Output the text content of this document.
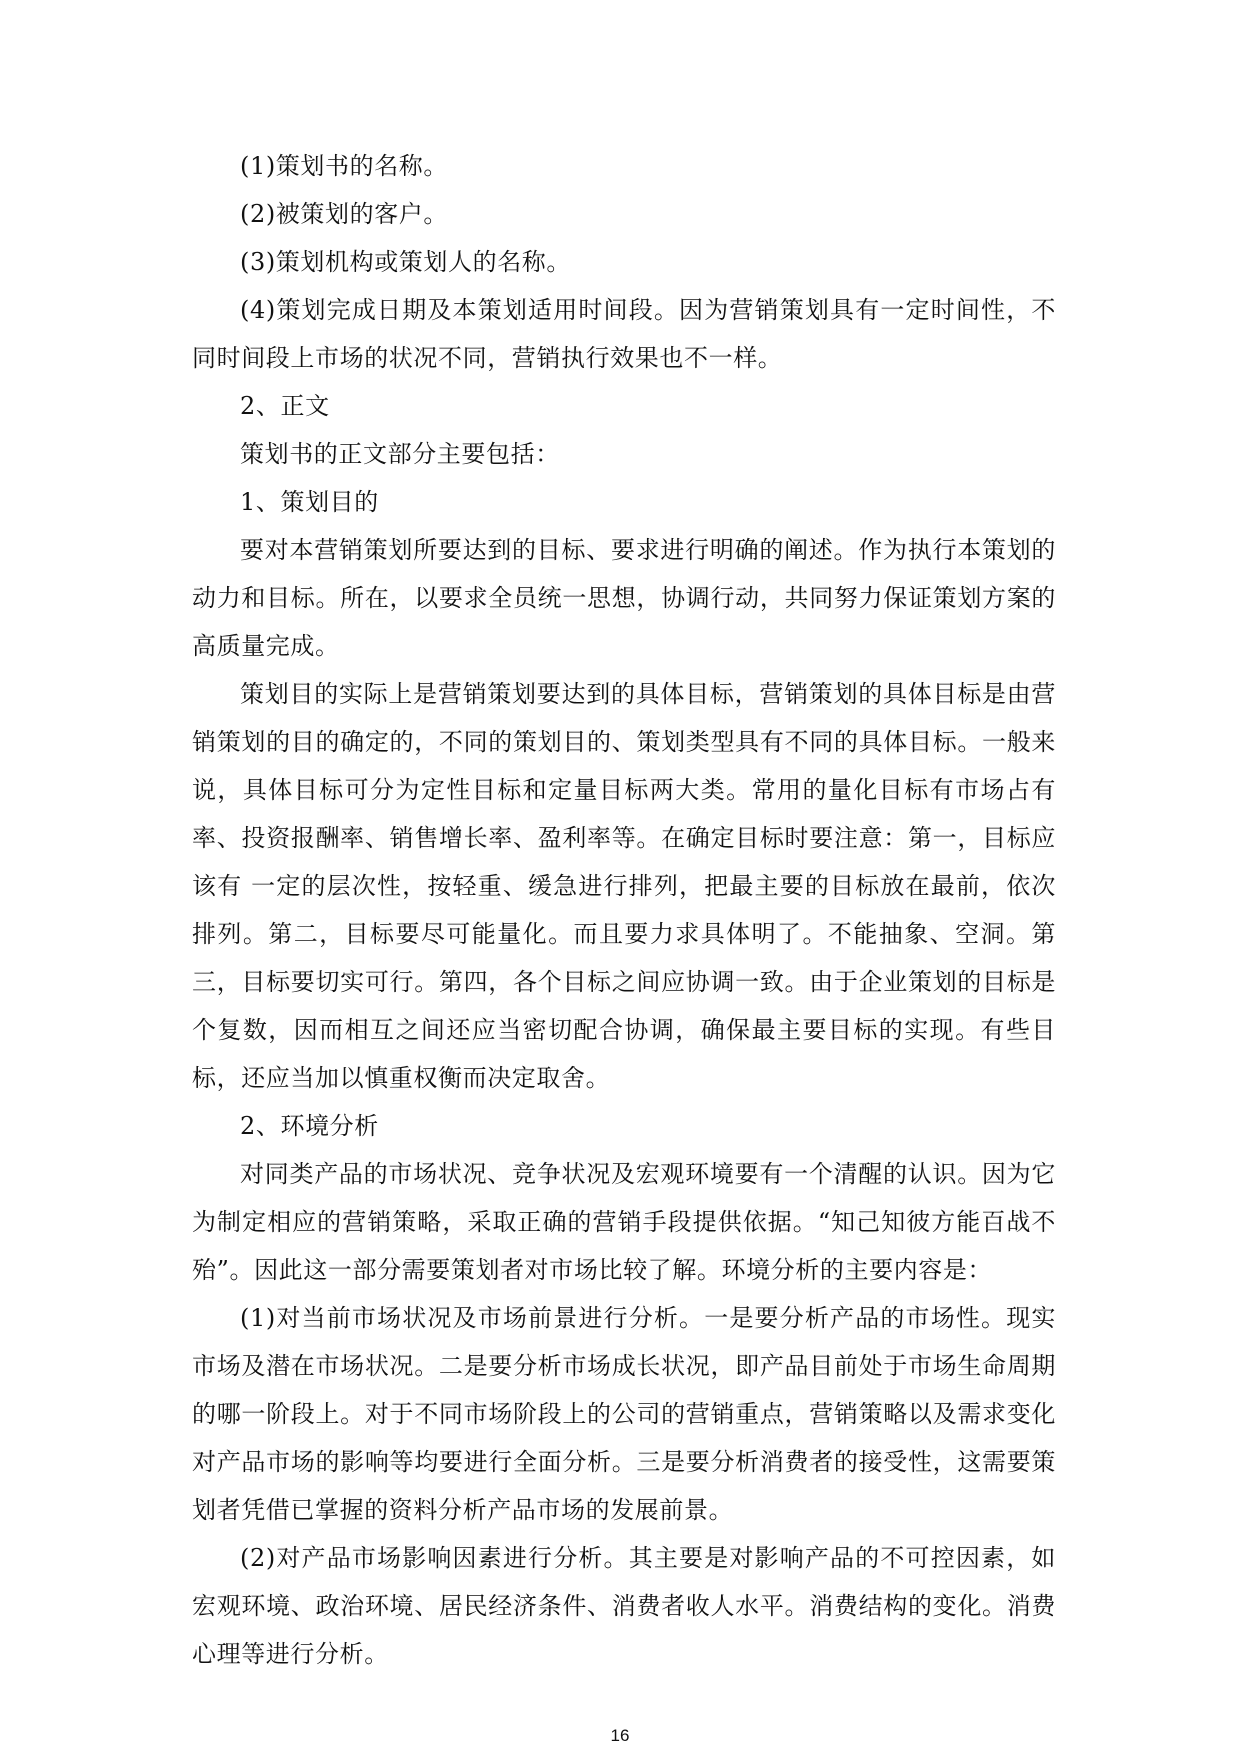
(1)策划书的名称。

(2)被策划的客户。

(3)策划机构或策划人的名称。

(4)策划完成日期及本策划适用时间段。因为营销策划具有一定时间性，不同时间段上市场的状况不同，营销执行效果也不一样。

2、正文

策划书的正文部分主要包括：

1、策划目的

要对本营销策划所要达到的目标、要求进行明确的阐述。作为执行本策划的动力和目标。所在，以要求全员统一思想，协调行动，共同努力保证策划方案的高质量完成。

策划目的实际上是营销策划要达到的具体目标，营销策划的具体目标是由营销策划的目的确定的，不同的策划目的、策划类型具有不同的具体目标。一般来说，具体目标可分为定性目标和定量目标两大类。常用的量化目标有市场占有率、投资报酬率、销售增长率、盈利率等。在确定目标时要注意：第一，目标应该有 一定的层次性，按轻重、缓急进行排列，把最主要的目标放在最前，依次排列。第二，目标要尽可能量化。而且要力求具体明了。不能抽象、空洞。第三，目标要切实可行。第四，各个目标之间应协调一致。由于企业策划的目标是个复数，因而相互之间还应当密切配合协调，确保最主要目标的实现。有些目标，还应当加以慎重权衡而决定取舍。

2、环境分析

对同类产品的市场状况、竞争状况及宏观环境要有一个清醒的认识。因为它为制定相应的营销策略，采取正确的营销手段提供依据。“知己知彼方能百战不殆”。因此这一部分需要策划者对市场比较了解。环境分析的主要内容是：

(1)对当前市场状况及市场前景进行分析。一是要分析产品的市场性。现实市场及潜在市场状况。二是要分析市场成长状况，即产品目前处于市场生命周期的哪一阶段上。对于不同市场阶段上的公司的营销重点，营销策略以及需求变化对产品市场的影响等均要进行全面分析。三是要分析消费者的接受性，这需要策划者凭借已掌握的资料分析产品市场的发展前景。

(2)对产品市场影响因素进行分析。其主要是对影响产品的不可控因素，如宏观环境、政治环境、居民经济条件、消费者收人水平。消费结构的变化。消费心理等进行分析。

16
